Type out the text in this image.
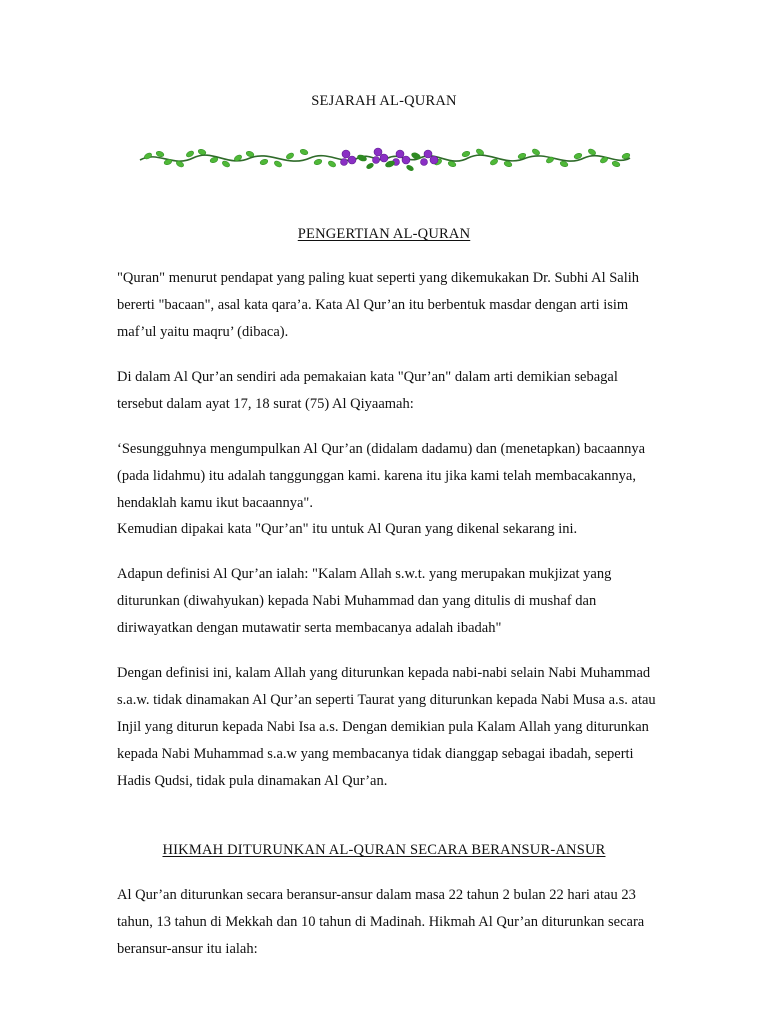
SEJARAH AL-QURAN
PENGERTIAN AL-QURAN

"Quran" menurut pendapat yang paling kuat seperti yang dikemukakan Dr. Subhi Al Salih bererti "bacaan", asal kata qara’a. Kata Al Qur’an itu berbentuk masdar dengan arti isim maf’ul yaitu maqru’ (dibaca).

Di dalam Al Qur’an sendiri ada pemakaian kata "Qur’an" dalam arti demikian sebagal tersebut dalam ayat 17, 18 surat (75) Al Qiyaamah:

‘Sesungguhnya mengumpulkan Al Qur’an (didalam dadamu) dan (menetapkan) bacaannya (pada lidahmu) itu adalah tanggunggan kami. karena itu jika kami telah membacakannya, hendaklah kamu ikut bacaannya".

Kemudian dipakai kata "Qur’an" itu untuk Al Quran yang dikenal sekarang ini.

Adapun definisi Al Qur’an ialah: "Kalam Allah s.w.t. yang merupakan mukjizat yang diturunkan (diwahyukan) kepada Nabi Muhammad dan yang ditulis di mushaf dan diriwayatkan dengan mutawatir serta membacanya adalah ibadah"

Dengan definisi ini, kalam Allah yang diturunkan kepada nabi-nabi selain Nabi Muhammad s.a.w. tidak dinamakan Al Qur’an seperti Taurat yang diturunkan kepada Nabi Musa a.s. atau Injil yang diturun kepada Nabi Isa a.s. Dengan demikian pula Kalam Allah yang diturunkan kepada Nabi Muhammad s.a.w yang membacanya tidak dianggap sebagai ibadah, seperti Hadis Qudsi, tidak pula dinamakan Al Qur’an.

HIKMAH DITURUNKAN AL-QURAN SECARA BERANSUR-ANSUR

Al Qur’an diturunkan secara beransur-ansur dalam masa 22 tahun 2 bulan 22 hari atau 23 tahun, 13 tahun di Mekkah dan 10 tahun di Madinah. Hikmah Al Qur’an diturunkan secara beransur-ansur itu ialah:
